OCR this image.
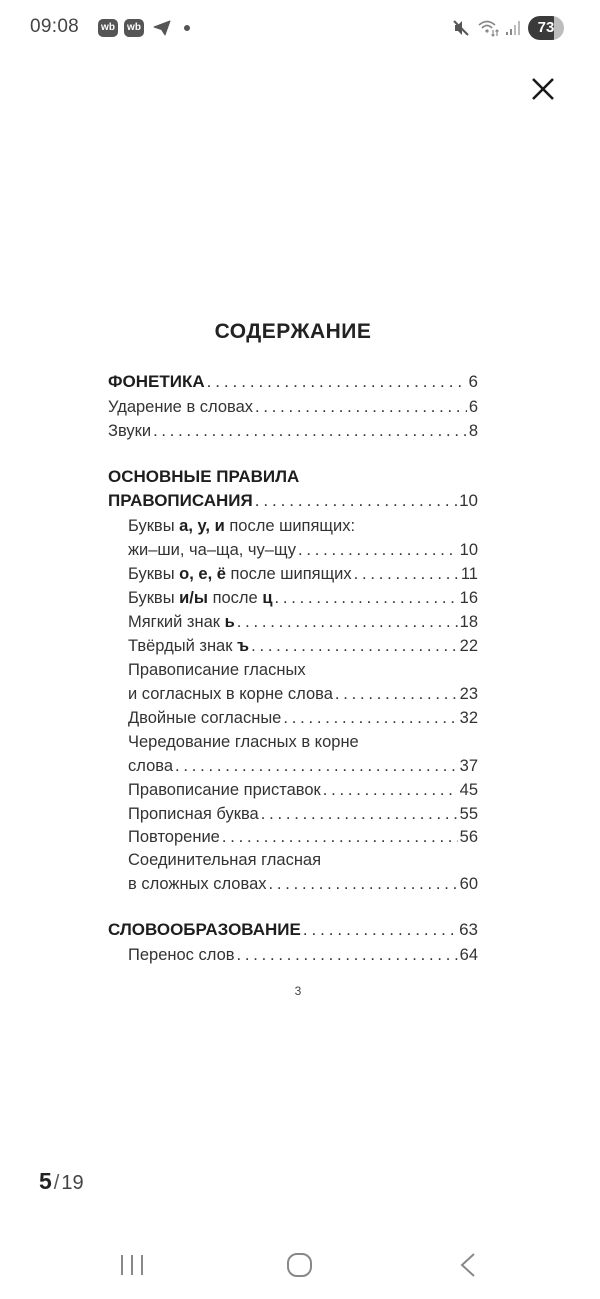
09:08	wb	wb	73
СОДЕРЖАНИЕ
ФОНЕТИКА . . .	6
Ударение в словах . . .	6
Звуки . . .	8
ОСНОВНЫЕ ПРАВИЛА
ПРАВОПИСАНИЯ . . .	10
Буквы а, у, и после шипящих:
жи–ши, ча–ща, чу–щу . . .	10
Буквы о, е, ё после шипящих . . .	11
Буквы и/ы после ц . . .	16
Мягкий знак ь . . .	18
Твёрдый знак ъ . . .	22
Правописание гласных
и согласных в корне слова . . .	23
Двойные согласные . . .	32
Чередование гласных в корне
слова . . .	37
Правописание приставок . . .	45
Прописная буква . . .	55
Повторение . . .	56
Соединительная гласная
в сложных словах . . .	60
СЛОВООБРАЗОВАНИЕ . . .	63
Перенос слов . . .	64
3
5 / 19
